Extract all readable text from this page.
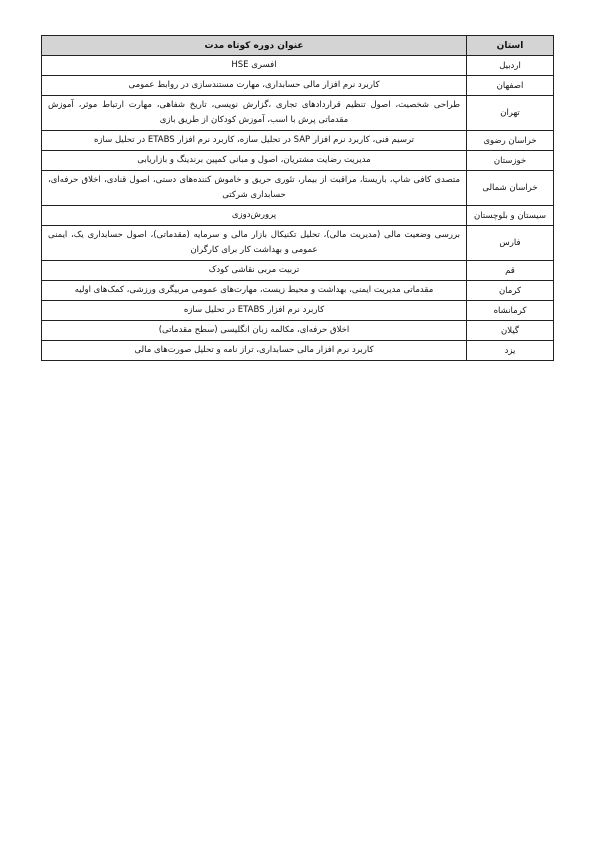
استان	عنوان دوره کوتاه مدت
اردبیل	افسری HSE
اصفهان	کاربرد نرم افزار مالی حسابداری، مهارت مستندسازی در روابط عمومی
تهران	طراحی شخصیت، اصول تنظیم قراردادهای تجاری ،گزارش نویسی، تاریخ شفاهی، مهارت ارتباط موثر، آموزش مقدماتی پرش با اسب، آموزش کودکان از طریق بازی
خراسان رضوی	ترسیم فنی، کاربرد نرم افزار SAP در تحلیل سازه، کاربرد نرم افزار ETABS در تحلیل سازه
خوزستان	مدیریت رضایت مشتریان، اصول و مبانی کمپین برندینگ و بازاریابی
خراسان شمالی	متصدی کافی شاپ، باریستا، مراقبت از بیمار، تئوری حریق و خاموش کننده‌های دستی، اصول قنادی، اخلاق حرفه‌ای، حسابداری شرکتی
سیستان و بلوچستان	پرورش‌دوزی
فارس	بررسی وضعیت مالی (مدیریت مالی)، تحلیل تکنیکال بازار مالی و سرمایه (مقدماتی)، اصول حسابداری یک، ایمنی عمومی و بهداشت کار برای کارگران
قم	تربیت مربی نقاشی کودک
کرمان	مقدماتی مدیریت ایمنی، بهداشت و محیط زیست، مهارت‌های عمومی مربیگری ورزشی، کمک‌های اولیه
کرمانشاه	کاربرد نرم افزار ETABS در تحلیل سازه
گیلان	اخلاق حرفه‌ای، مکالمه زبان انگلیسی (سطح مقدماتی)
یزد	کاربرد نرم افزار مالی حسابداری، تراز نامه و تحلیل صورت‌های مالی
